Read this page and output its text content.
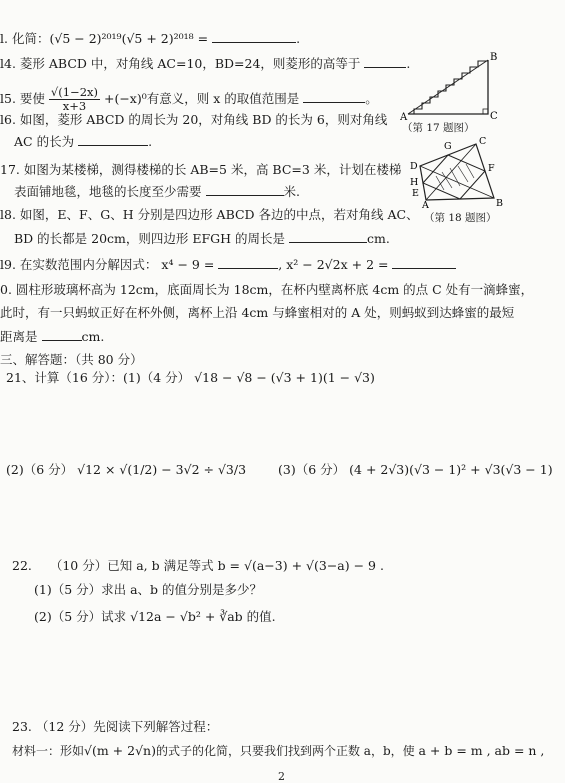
l. 化简：(√5 − 2)²⁰¹⁹(√5 + 2)²⁰¹⁸ =	.
l4. 菱形 ABCD 中，对角线 AC=10，BD=24，则菱形的高等于	.
l5. 要使 $\frac{√(1-2x)}{x+3} +(-x)^0$有意义，则 x 的取值范围是	。
l6. 如图，菱形 ABCD 的周长为 20，对角线 BD 的长为 6，则对角线
AC 的长为	.
17. 如图为某楼梯，测得楼梯的长 AB=5 米，高 BC=3 米，计划在楼梯
表面铺地毯，地毯的长度至少需要	米.
l8. 如图，E、F、G、H 分别是四边形 ABCD 各边的中点，若对角线 AC、
BD 的长都是 20cm，则四边形 EFGH 的周长是	cm.
l9. 在实数范围内分解因式： x⁴ − 9 =	, x² − 2√2x + 2 =
0. 圆柱形玻璃杯高为 12cm，底面周长为 18cm，在杯内壁离杯底 4cm 的点 C 处有一滴蜂蜜，
此时，有一只蚂蚁正好在杯外侧，离杯上沿 4cm 与蜂蜜相对的 A 处，则蚂蚁到达蜂蜜的最短
距离是	cm.
三、解答题：（共 80 分）
21、计算（16 分）：(1)（4 分） √18 − √8 − (√3 + 1)(1 − √3)
(2)（6 分） √12 × √(1/2) − 3√2 ÷ √3/3	(3)（6 分） (4 + 2√3)(√3 − 1)² + √3(√3 − 1)
22. （10 分）已知 a, b 满足等式 b = √(a−3) + √(3−a) − 9 .
(1)（5 分）求出 a、b 的值分别是多少？
(2)（5 分）试求 √12a − √b² + ∛ab 的值.
23. （12 分）先阅读下列解答过程：
材料一：形如√(m + 2√n)的式子的化简，只要我们找到两个正数 a，b，使 a + b = m , ab = n ,
B
A	C
（第 17 题图）
G	C
D	F
H
E
A	B
（第 18 题图）
2
